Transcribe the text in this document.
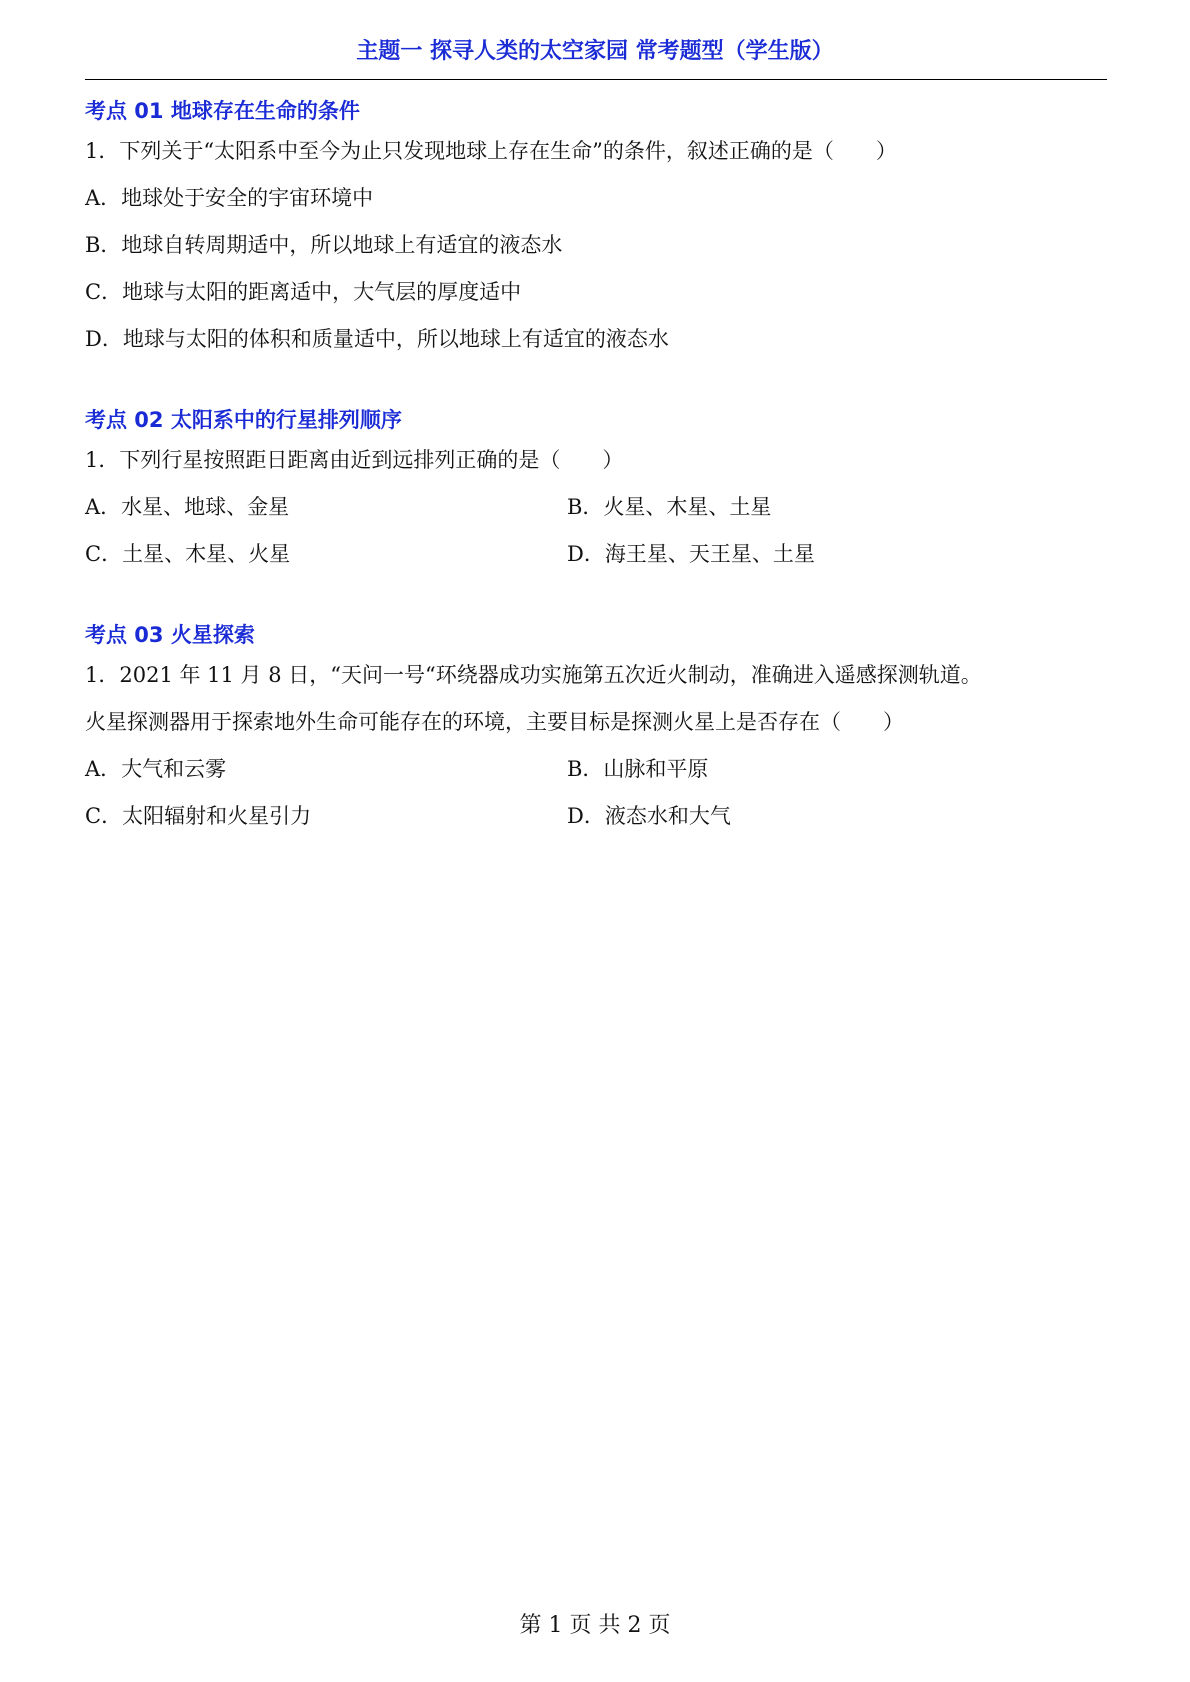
主题一 探寻人类的太空家园 常考题型（学生版）
考点 01 地球存在生命的条件
1．下列关于“太阳系中至今为止只发现地球上存在生命”的条件，叙述正确的是（　　）
A．地球处于安全的宇宙环境中
B．地球自转周期适中，所以地球上有适宜的液态水
C．地球与太阳的距离适中，大气层的厚度适中
D．地球与太阳的体积和质量适中，所以地球上有适宜的液态水
考点 02 太阳系中的行星排列顺序
1．下列行星按照距日距离由近到远排列正确的是（　　）
A．水星、地球、金星	B．火星、木星、土星
C．土星、木星、火星	D．海王星、天王星、土星
考点 03 火星探索
1．2021 年 11 月 8 日，“天问一号“环绕器成功实施第五次近火制动，准确进入遥感探测轨道。
火星探测器用于探索地外生命可能存在的环境，主要目标是探测火星上是否存在（　　）
A．大气和云雾	B．山脉和平原
C．太阳辐射和火星引力	D．液态水和大气
第 1 页 共 2 页
